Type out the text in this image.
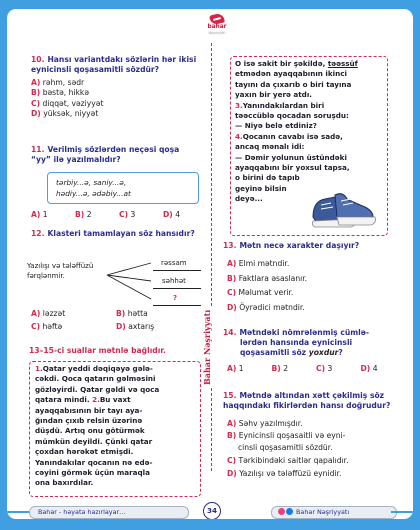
bahar
Nəşriyyatı
Bahar Nəşriyyatı
10. Hansı variantdakı sözlərin hər ikisi eynicinsli qoşasamitli sözdür?
A) rəhm, sədr
B) bəstə, hikkə
C) diqqət, vəziyyət
D) yüksək, niyyət
11. Verilmiş sözlərdən neçəsi qoşa “yy” ilə yazılmalıdır?
tərbiy...ə, saniy...ə,
hədiy...ə, ədəbiy...at
A) 1	B) 2	C) 3	D) 4
12. Klasteri tamamlayan söz hansıdır?
Yazılışı və tələffüzü
fərqlənmir.
rəssam
səhhət
?
A) ləzzət	B) hətta
C) həftə	D) axtarış
13–15-ci suallar mətnlə bağlıdır.
1.Qatar yeddi dəqiqəyə gələ-
cəkdi. Qoca qatarın gəlməsini
gözləyirdi. Qatar gəldi və qoca
qatara mindi. 2.Bu vaxt
ayaqqabısının bir tayı aya-
ğından çıxıb relsin üzərinə
düşdü. Artıq onu götürmək
mümkün deyildi. Çünki qatar
çoxdan hərəkət etmişdi.
Yanındakılar qocanın nə edə-
cəyini görmək üçün maraqla
ona baxırdılar.
O isə sakit bir şəkildə, təəssüf
etmədən ayaqqabının ikinci
tayını da çıxarıb o biri tayına
yaxın bir yerə atdı.
3.Yanındakılardan biri
təəccüblə qocadan soruşdu:
— Niyə belə etdiniz?
4.Qocanın cavabı isə sadə,
ancaq mənalı idi:
— Dəmir yolunun üstündəki
ayaqqabını bir yoxsul tapsa,
o birini də tapıb
geyinə bilsin
deyə...
13. Mətn necə xarakter daşıyır?
A) Elmi mətndir.
B) Faktlara əsaslanır.
C) Məlumat verir.
D) Öyrədici mətndir.
14. Mətndəki nömrələnmiş cümlə-
lərdən hansında eynicinsli
qoşasamitli söz yoxdur?
A) 1	B) 2	C) 3	D) 4
15. Mətndə altından xətt çəkilmiş söz haqqındakı fikirlərdən hansı doğrudur?
A) Səhv yazılmışdır.
B) Eynicinsli qoşasaitli və eyni-
cinsli qoşasamitli sözdür.
C) Tərkibindəki saitlər qapalıdır.
D) Yazılışı və tələffüzü eynidir.
Bahar - həyata hazırlayar…	34	Bahar Nəşriyyatı
